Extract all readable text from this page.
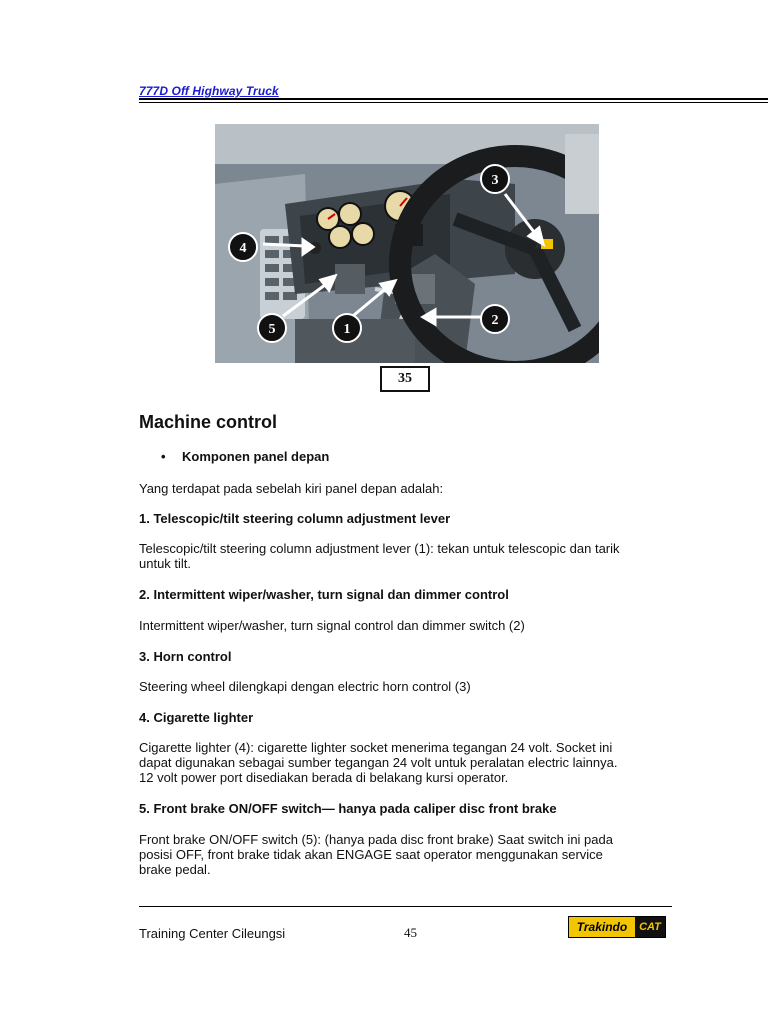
777D Off Highway Truck
3
4
2
5	1
35
Machine control
•	Komponen panel depan
Yang terdapat pada sebelah kiri panel depan adalah:
1. Telescopic/tilt steering column adjustment lever
Telescopic/tilt steering column adjustment lever (1): tekan untuk telescopic dan tarik
untuk tilt.
2. Intermittent wiper/washer, turn signal dan dimmer control
Intermittent wiper/washer, turn signal control dan dimmer switch (2)
3. Horn control
Steering wheel dilengkapi dengan electric horn control (3)
4. Cigarette lighter
Cigarette lighter (4): cigarette lighter socket menerima tegangan 24 volt. Socket ini
dapat digunakan sebagai sumber tegangan 24 volt untuk peralatan electric lainnya.
12 volt power port disediakan berada di belakang kursi operator.
5. Front brake ON/OFF switch— hanya pada caliper disc front brake
Front brake ON/OFF switch (5): (hanya pada disc front brake) Saat switch ini pada
posisi OFF, front brake tidak akan ENGAGE saat operator menggunakan service
brake pedal.
Training Center Cileungsi	45	Trakindo	CAT
